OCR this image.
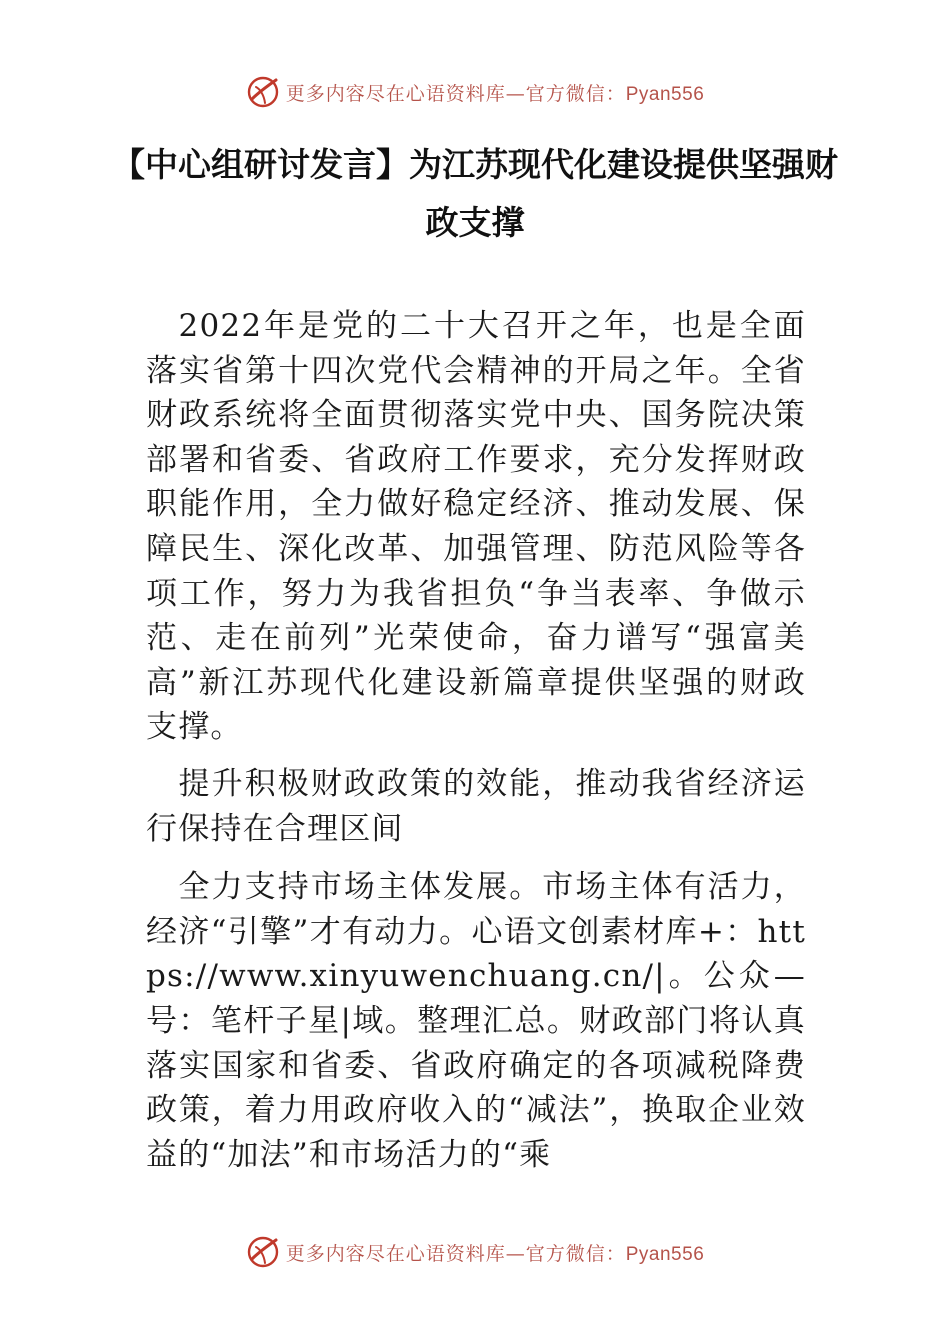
更多内容尽在心语资料库—官方微信：Pyan556
【中心组研讨发言】为江苏现代化建设提供坚强财政支撑

2022年是党的二十大召开之年，也是全面落实省第十四次党代会精神的开局之年。全省财政系统将全面贯彻落实党中央、国务院决策部署和省委、省政府工作要求，充分发挥财政职能作用，全力做好稳定经济、推动发展、保障民生、深化改革、加强管理、防范风险等各项工作，努力为我省担负“争当表率、争做示范、走在前列”光荣使命，奋力谱写“强富美高”新江苏现代化建设新篇章提供坚强的财政支撑。

提升积极财政政策的效能，推动我省经济运行保持在合理区间

全力支持市场主体发展。市场主体有活力，经济“引擎”才有动力。心语文创素材库+：https://www.xinyuwenchuang.cn/|。公众—号：笔杆子星|域。整理汇总。财政部门将认真落实国家和省委、省政府确定的各项减税降费政策，着力用政府收入的“减法”，换取企业效益的“加法”和市场活力的“乘

更多内容尽在心语资料库—官方微信：Pyan556
